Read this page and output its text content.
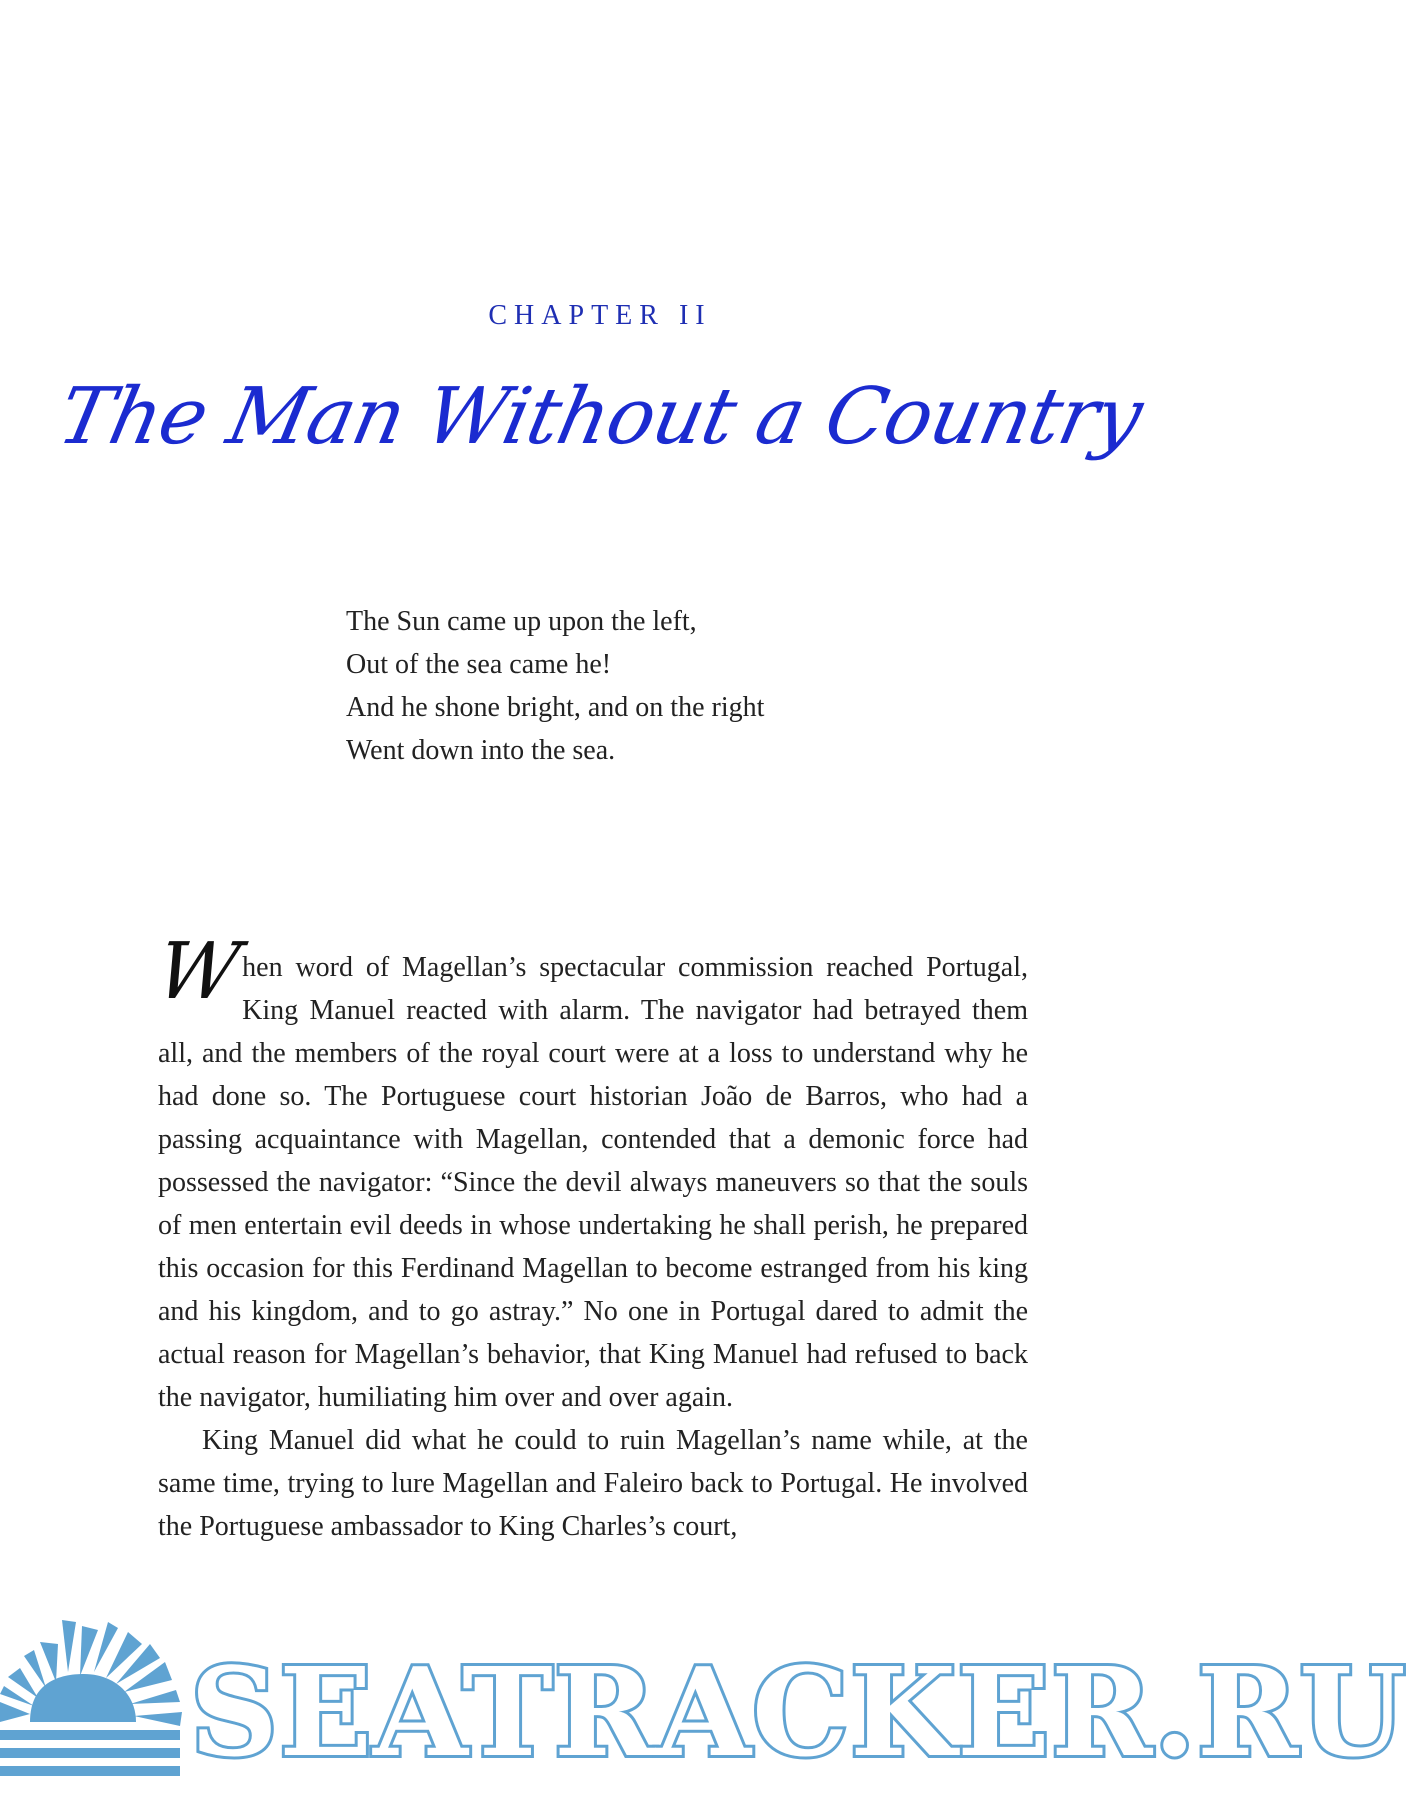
CHAPTER II
The Man Without a Country
The Sun came up upon the left,
Out of the sea came he!
And he shone bright, and on the right
Went down into the sea.

W
hen word of Magellan’s spectacular commission reached Portugal, King Manuel reacted with alarm. The navigator had betrayed them all, and the members of the royal court were at a loss to understand why he had done so. The Portuguese court historian João de Barros, who had a passing acquaintance with Magellan, contended that a demonic force had possessed the navigator: “Since the devil always maneuvers so that the souls of men entertain evil deeds in whose undertaking he shall perish, he prepared this occasion for this Ferdinand Magellan to become estranged from his king and his kingdom, and to go astray.” No one in Portugal dared to admit the actual reason for Magellan’s behavior, that King Manuel had refused to back the navigator, humiliating him over and over again.

King Manuel did what he could to ruin Magellan’s name while, at the same time, trying to lure Magellan and Faleiro back to Portugal. He involved the Portuguese ambassador to King Charles’s court,

SEATRACKER.RU
